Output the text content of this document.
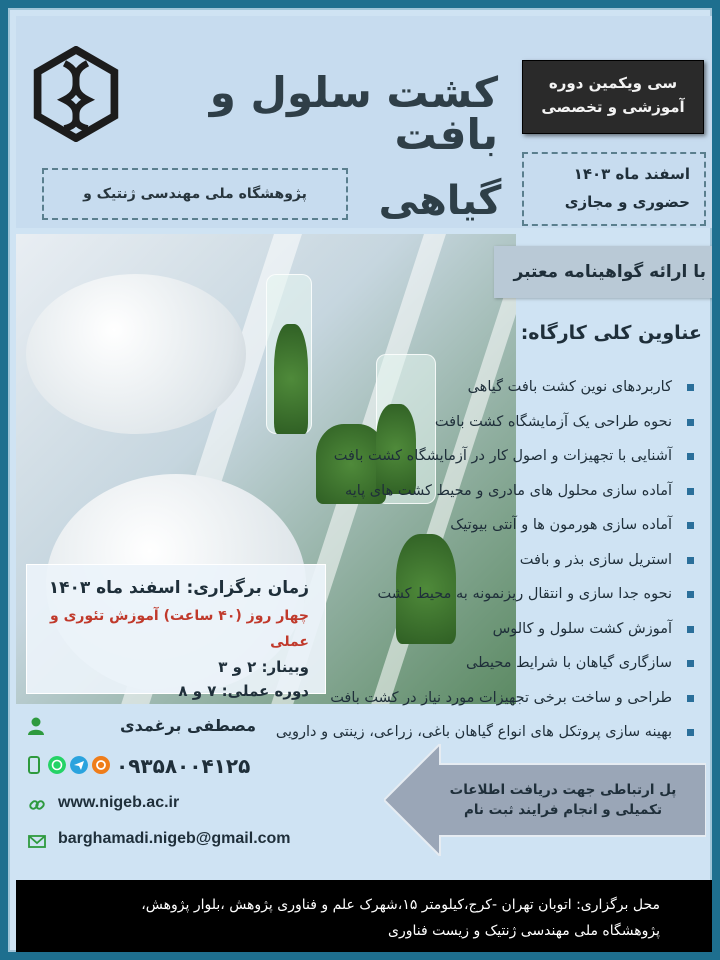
کشت سلول و بافت
سی ویکمین دوره
آموزشی و تخصصی
پژوهشگاه ملی مهندسی ژنتیک و	گیاهی
اسفند ماه ۱۴۰۳
حضوری و مجازی
با ارائه گواهینامه معتبر
عناوین کلی کارگاه:
کاربردهای نوین کشت بافت گیاهی
نحوه طراحی یک آزمایشگاه کشت بافت
آشنایی با تجهیزات و اصول کار در آزمایشگاه کشت بافت
آماده سازی محلول های مادری و محیط کشت های پایه
آماده سازی هورمون ها و آنتی بیوتیک
استریل سازی بذر و بافت
نحوه جدا سازی و انتقال ریزنمونه به محیط کشت
آموزش کشت سلول و کالوس
سازگاری گیاهان با شرایط محیطی
طراحی و ساخت برخی تجهیزات مورد نیاز در کشت بافت
بهینه سازی پروتکل های انواع گیاهان باغی، زراعی، زینتی و دارویی
زمان برگزاری: اسفند ماه ۱۴۰۳
چهار روز (۴۰ ساعت) آموزش تئوری و عملی
وبینار: ۲ و ۳
دوره عملی: ۷ و ۸
مصطفی برغمدی
۰۹۳۵۸۰۰۴۱۲۵
www.nigeb.ac.ir
barghamadi.nigeb@gmail.com
پل ارتباطی جهت دریافت اطلاعات
تکمیلی و انجام فرایند ثبت نام
محل برگزاری: اتوبان تهران -کرج،کیلومتر ۱۵،شهرک علم و فناوری پژوهش ،بلوار پژوهش،
پژوهشگاه ملی مهندسی ژنتیک و زیست فناوری
